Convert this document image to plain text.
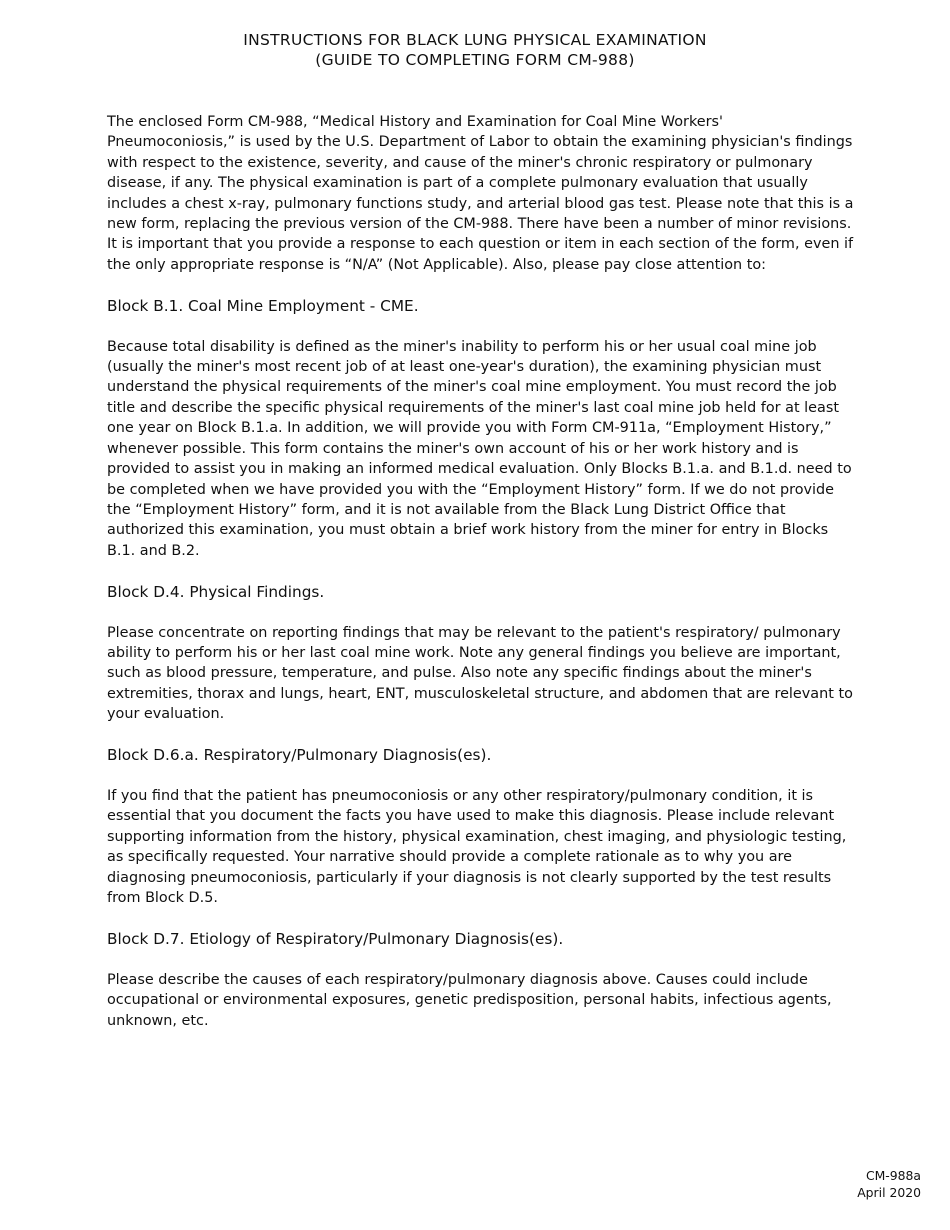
INSTRUCTIONS FOR BLACK LUNG PHYSICAL EXAMINATION
(GUIDE TO COMPLETING FORM CM-988)

The enclosed Form CM-988, “Medical History and Examination for Coal Mine Workers' Pneumoconiosis,” is used by the U.S. Department of Labor to obtain the examining physician's findings with respect to the existence, severity, and cause of the miner's chronic respiratory or pulmonary disease, if any. The physical examination is part of a complete pulmonary evaluation that usually includes a chest x-ray, pulmonary functions study, and arterial blood gas test. Please note that this is a new form, replacing the previous version of the CM-988. There have been a number of minor revisions. It is important that you provide a response to each question or item in each section of the form, even if the only appropriate response is “N/A” (Not Applicable). Also, please pay close attention to:

Block B.1. Coal Mine Employment - CME.

Because total disability is defined as the miner's inability to perform his or her usual coal mine job (usually the miner's most recent job of at least one-year's duration), the examining physician must understand the physical requirements of the miner's coal mine employment. You must record the job title and describe the specific physical requirements of the miner's last coal mine job held for at least one year on Block B.1.a. In addition, we will provide you with Form CM-911a, “Employment History,” whenever possible. This form contains the miner's own account of his or her work history and is provided to assist you in making an informed medical evaluation. Only Blocks B.1.a. and B.1.d. need to be completed when we have provided you with the “Employment History” form. If we do not provide the “Employment History” form, and it is not available from the Black Lung District Office that authorized this examination, you must obtain a brief work history from the miner for entry in Blocks B.1. and B.2.

Block D.4. Physical Findings.

Please concentrate on reporting findings that may be relevant to the patient's respiratory/ pulmonary ability to perform his or her last coal mine work. Note any general findings you believe are important, such as blood pressure, temperature, and pulse. Also note any specific findings about the miner's extremities, thorax and lungs, heart, ENT, musculoskeletal structure, and abdomen that are relevant to your evaluation.

Block D.6.a. Respiratory/Pulmonary Diagnosis(es).

If you find that the patient has pneumoconiosis or any other respiratory/pulmonary condition, it is essential that you document the facts you have used to make this diagnosis. Please include relevant supporting information from the history, physical examination, chest imaging, and physiologic testing, as specifically requested. Your narrative should provide a complete rationale as to why you are diagnosing pneumoconiosis, particularly if your diagnosis is not clearly supported by the test results from Block D.5.

Block D.7. Etiology of Respiratory/Pulmonary Diagnosis(es).

Please describe the causes of each respiratory/pulmonary diagnosis above. Causes could include occupational or environmental exposures, genetic predisposition, personal habits, infectious agents, unknown, etc.

CM-988a
April 2020
